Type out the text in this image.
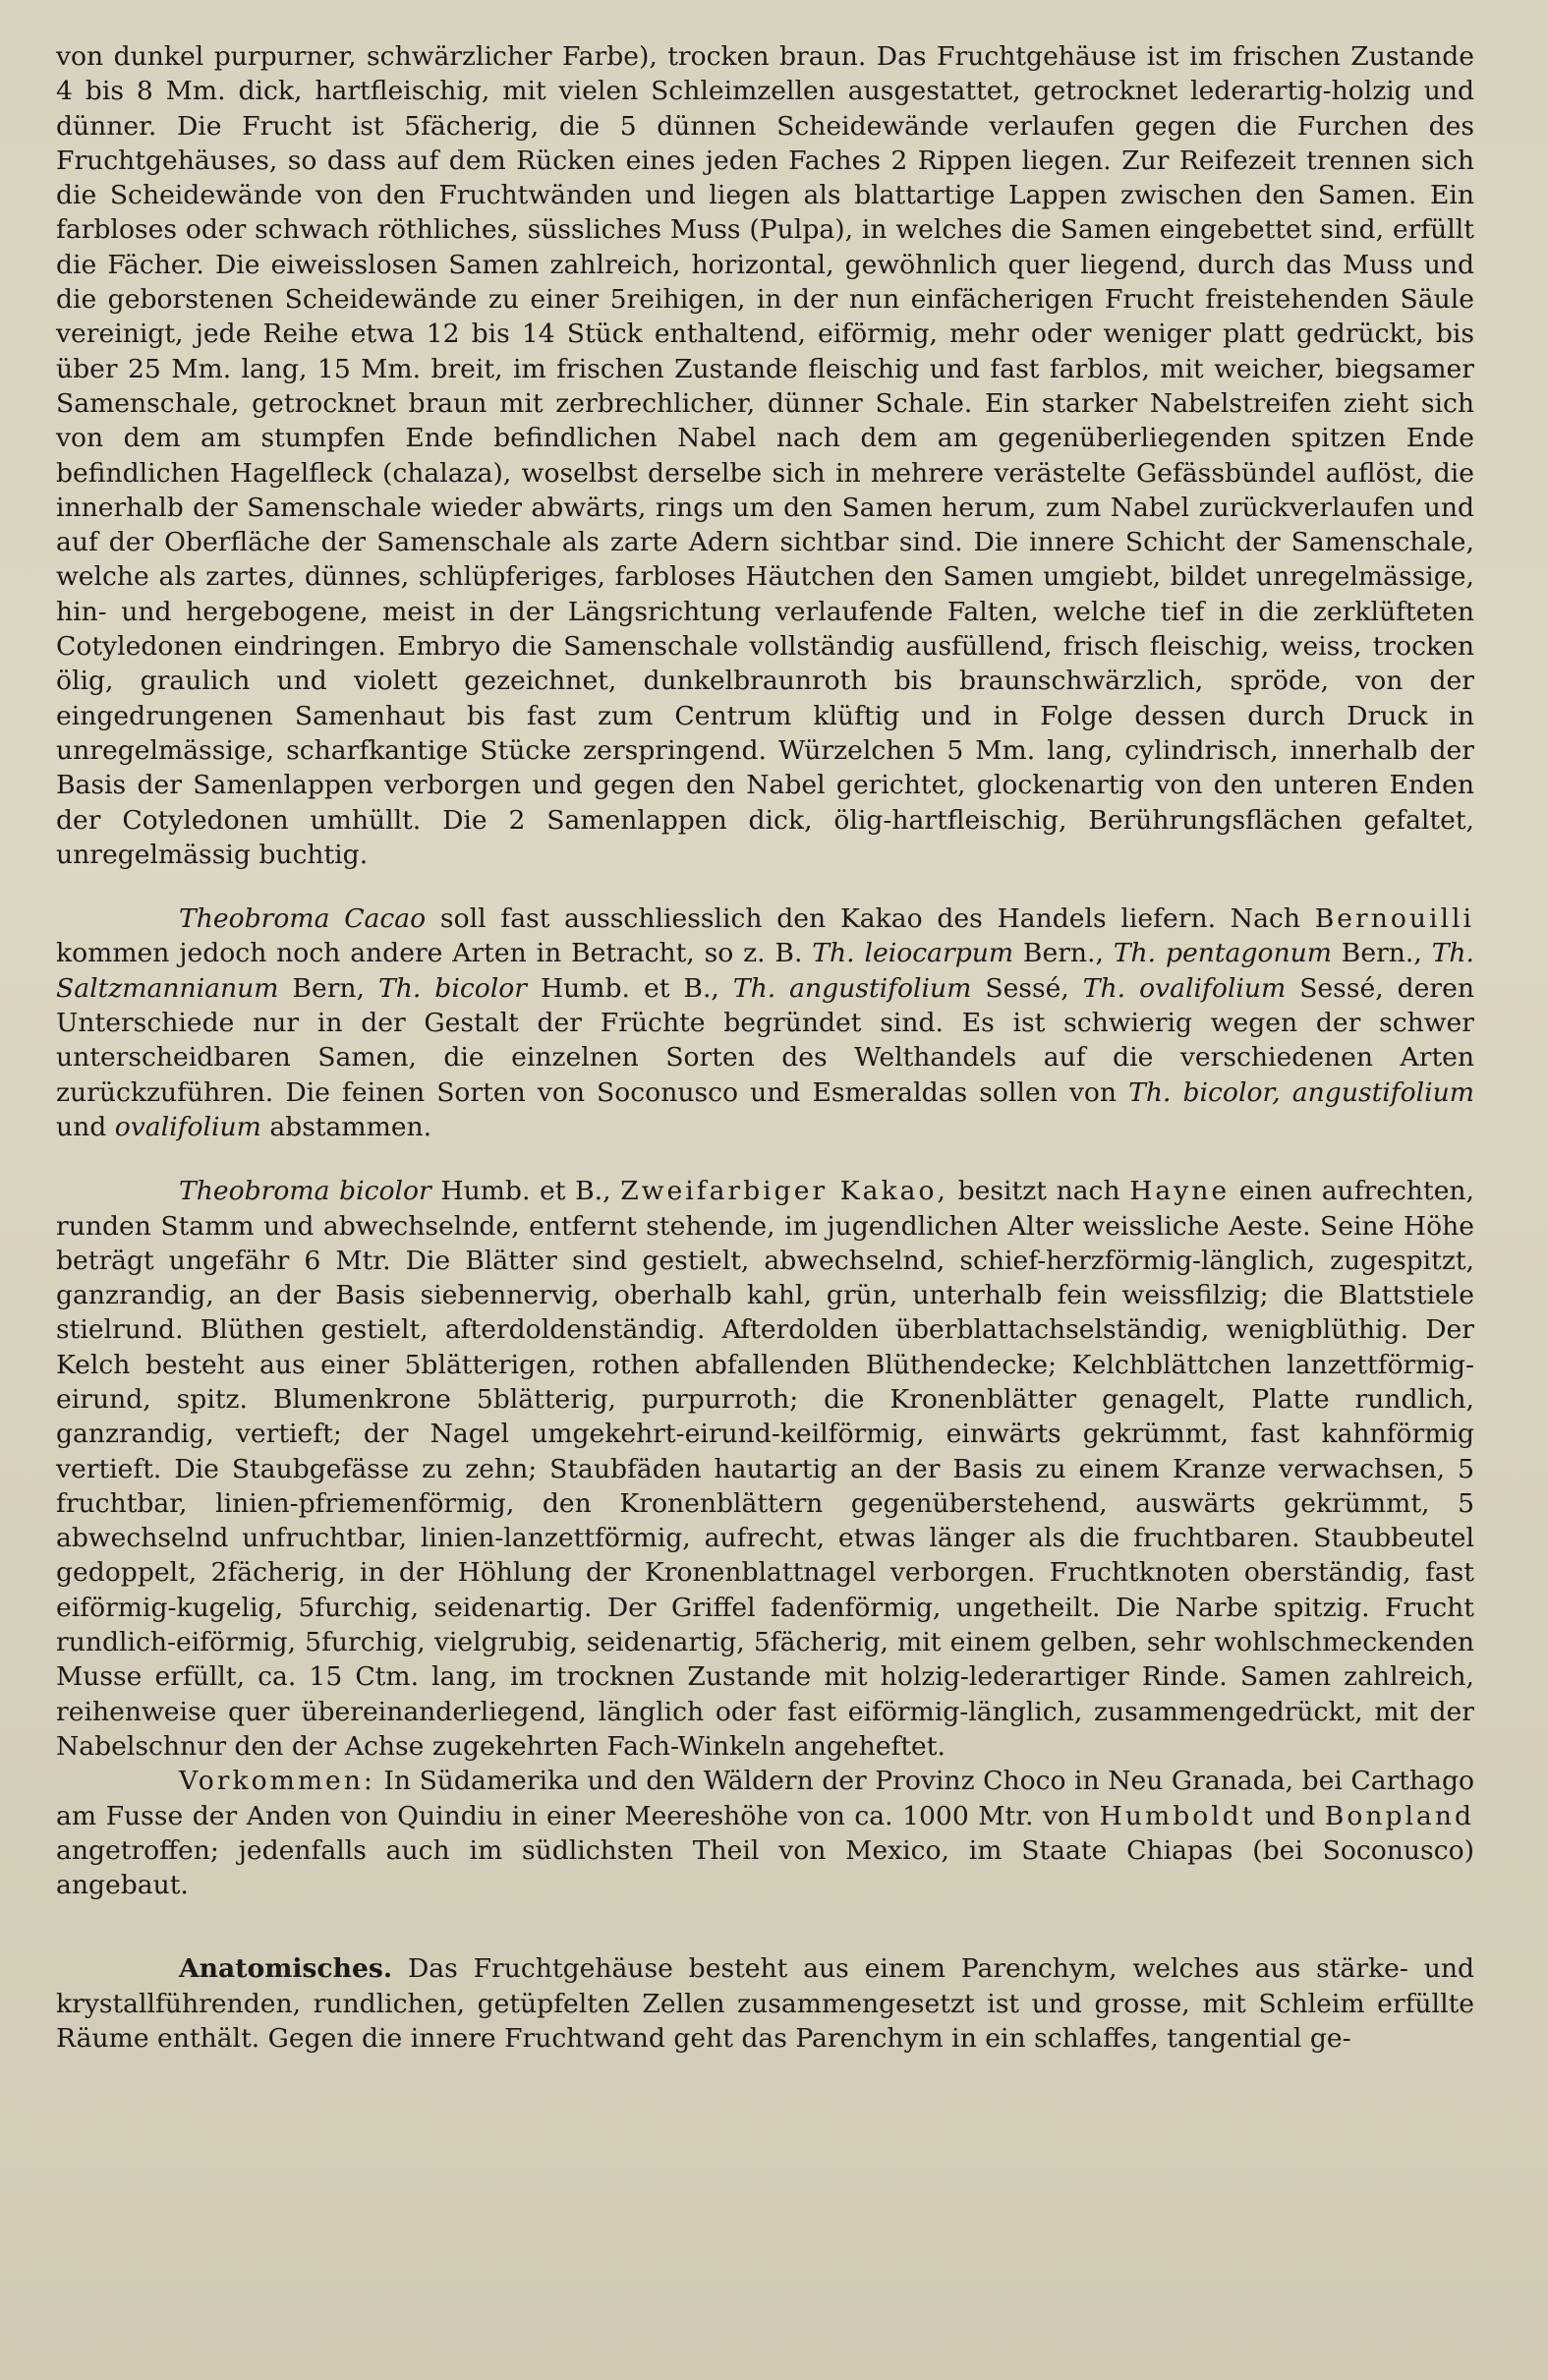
von dunkel purpurner, schwärzlicher Farbe), trocken braun. Das Fruchtgehäuse ist im frischen Zustande 4 bis 8 Mm. dick, hartfleischig, mit vielen Schleimzellen ausgestattet, getrocknet lederartig-holzig und dünner. Die Frucht ist 5fächerig, die 5 dünnen Scheidewände verlaufen gegen die Furchen des Fruchtgehäuses, so dass auf dem Rücken eines jeden Faches 2 Rippen liegen. Zur Reifezeit trennen sich die Scheidewände von den Fruchtwänden und liegen als blattartige Lappen zwischen den Samen. Ein farbloses oder schwach röthliches, süssliches Muss (Pulpa), in welches die Samen eingebettet sind, erfüllt die Fächer. Die eiweisslosen Samen zahlreich, horizontal, gewöhnlich quer liegend, durch das Muss und die geborstenen Scheidewände zu einer 5reihigen, in der nun einfächerigen Frucht freistehenden Säule vereinigt, jede Reihe etwa 12 bis 14 Stück enthaltend, eiförmig, mehr oder weniger platt gedrückt, bis über 25 Mm. lang, 15 Mm. breit, im frischen Zustande fleischig und fast farblos, mit weicher, biegsamer Samenschale, getrocknet braun mit zerbrechlicher, dünner Schale. Ein starker Nabelstreifen zieht sich von dem am stumpfen Ende befindlichen Nabel nach dem am gegenüberliegenden spitzen Ende befindlichen Hagelfleck (chalaza), woselbst derselbe sich in mehrere verästelte Gefässbündel auflöst, die innerhalb der Samenschale wieder abwärts, rings um den Samen herum, zum Nabel zurückverlaufen und auf der Oberfläche der Samenschale als zarte Adern sichtbar sind. Die innere Schicht der Samenschale, welche als zartes, dünnes, schlüpferiges, farbloses Häutchen den Samen umgiebt, bildet unregelmässige, hin- und hergebogene, meist in der Längsrichtung verlaufende Falten, welche tief in die zerklüfteten Cotyledonen eindringen. Embryo die Samenschale vollständig ausfüllend, frisch fleischig, weiss, trocken ölig, graulich und violett gezeichnet, dunkelbraunroth bis braunschwärzlich, spröde, von der eingedrungenen Samenhaut bis fast zum Centrum klüftig und in Folge dessen durch Druck in unregelmässige, scharfkantige Stücke zerspringend. Würzelchen 5 Mm. lang, cylindrisch, innerhalb der Basis der Samenlappen verborgen und gegen den Nabel gerichtet, glockenartig von den unteren Enden der Cotyledonen umhüllt. Die 2 Samenlappen dick, ölig-hartfleischig, Berührungsflächen gefaltet, unregelmässig buchtig.

Theobroma Cacao soll fast ausschliesslich den Kakao des Handels liefern. Nach Bernouilli kommen jedoch noch andere Arten in Betracht, so z. B. Th. leiocarpum Bern., Th. pentagonum Bern., Th. Saltzmannianum Bern, Th. bicolor Humb. et B., Th. angustifolium Sessé, Th. ovalifolium Sessé, deren Unterschiede nur in der Gestalt der Früchte begründet sind. Es ist schwierig wegen der schwer unterscheidbaren Samen, die einzelnen Sorten des Welthandels auf die verschiedenen Arten zurückzuführen. Die feinen Sorten von Soconusco und Esmeraldas sollen von Th. bicolor, angustifolium und ovalifolium abstammen.

Theobroma bicolor Humb. et B., Zweifarbiger Kakao, besitzt nach Hayne einen aufrechten, runden Stamm und abwechselnde, entfernt stehende, im jugendlichen Alter weissliche Aeste. Seine Höhe beträgt ungefähr 6 Mtr. Die Blätter sind gestielt, abwechselnd, schief-herzförmig-länglich, zugespitzt, ganzrandig, an der Basis siebennervig, oberhalb kahl, grün, unterhalb fein weissfilzig; die Blattstiele stielrund. Blüthen gestielt, afterdoldenständig. Afterdolden überblattachselständig, wenigblüthig. Der Kelch besteht aus einer 5blätterigen, rothen abfallenden Blüthendecke; Kelchblättchen lanzettförmig-eirund, spitz. Blumenkrone 5blätterig, purpurroth; die Kronenblätter genagelt, Platte rundlich, ganzrandig, vertieft; der Nagel umgekehrt-eirund-keilförmig, einwärts gekrümmt, fast kahnförmig vertieft. Die Staubgefässe zu zehn; Staubfäden hautartig an der Basis zu einem Kranze verwachsen, 5 fruchtbar, linien-pfriemenförmig, den Kronenblättern gegenüberstehend, auswärts gekrümmt, 5 abwechselnd unfruchtbar, linien-lanzettförmig, aufrecht, etwas länger als die fruchtbaren. Staubbeutel gedoppelt, 2fächerig, in der Höhlung der Kronenblattnagel verborgen. Fruchtknoten oberständig, fast eiförmig-kugelig, 5furchig, seidenartig. Der Griffel fadenförmig, ungetheilt. Die Narbe spitzig. Frucht rundlich-eiförmig, 5furchig, vielgrubig, seidenartig, 5fächerig, mit einem gelben, sehr wohlschmeckenden Musse erfüllt, ca. 15 Ctm. lang, im trocknen Zustande mit holzig-lederartiger Rinde. Samen zahlreich, reihenweise quer übereinanderliegend, länglich oder fast eiförmig-länglich, zusammengedrückt, mit der Nabelschnur den der Achse zugekehrten Fach-Winkeln angeheftet.

Vorkommen: In Südamerika und den Wäldern der Provinz Choco in Neu Granada, bei Carthago am Fusse der Anden von Quindiu in einer Meereshöhe von ca. 1000 Mtr. von Humboldt und Bonpland angetroffen; jedenfalls auch im südlichsten Theil von Mexico, im Staate Chiapas (bei Soconusco) angebaut.

Anatomisches. Das Fruchtgehäuse besteht aus einem Parenchym, welches aus stärke- und krystallführenden, rundlichen, getüpfelten Zellen zusammengesetzt ist und grosse, mit Schleim erfüllte Räume enthält. Gegen die innere Fruchtwand geht das Parenchym in ein schlaffes, tangential ge-
